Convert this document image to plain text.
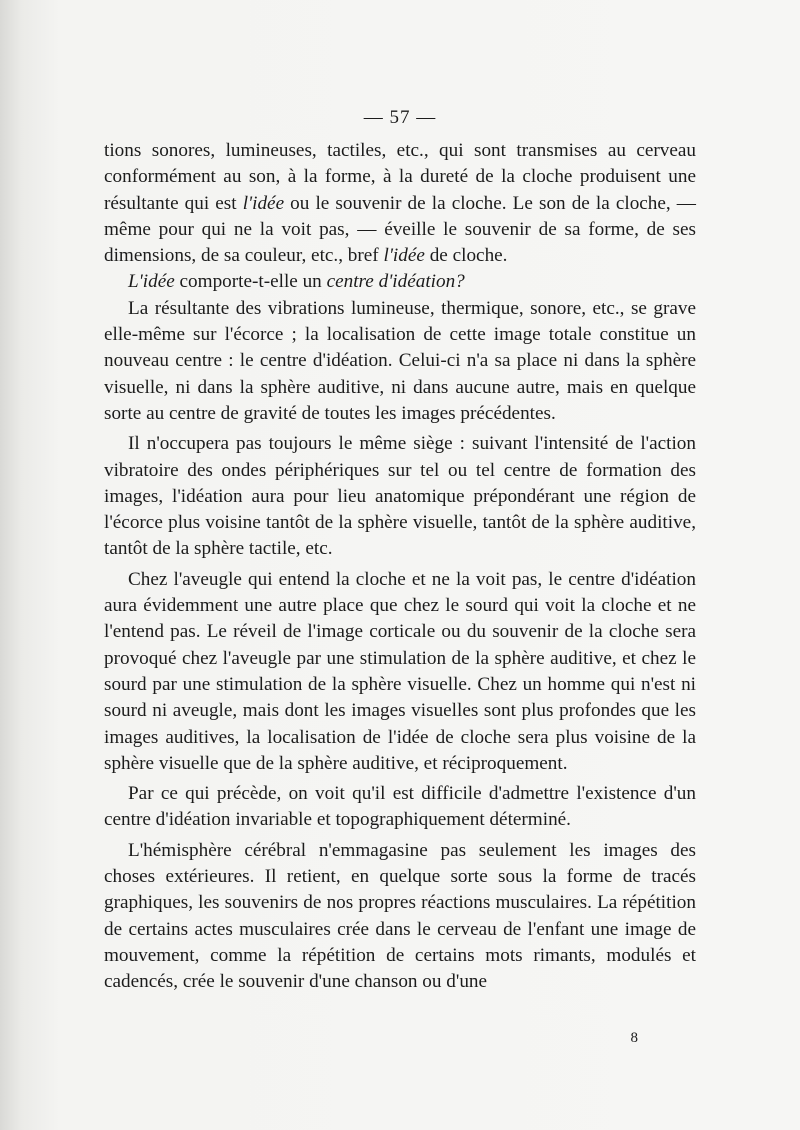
— 57 —

tions sonores, lumineuses, tactiles, etc., qui sont transmises au cerveau conformément au son, à la forme, à la dureté de la cloche produisent une résultante qui est l'idée ou le souvenir de la cloche. Le son de la cloche, — même pour qui ne la voit pas, — éveille le souvenir de sa forme, de ses dimensions, de sa couleur, etc., bref l'idée de cloche.

L'idée comporte-t-elle un centre d'idéation?

La résultante des vibrations lumineuse, thermique, sonore, etc., se grave elle-même sur l'écorce ; la localisation de cette image totale constitue un nouveau centre : le centre d'idéation. Celui-ci n'a sa place ni dans la sphère visuelle, ni dans la sphère auditive, ni dans aucune autre, mais en quelque sorte au centre de gravité de toutes les images précédentes.

Il n'occupera pas toujours le même siège : suivant l'intensité de l'action vibratoire des ondes périphériques sur tel ou tel centre de formation des images, l'idéation aura pour lieu anatomique prépondérant une région de l'écorce plus voisine tantôt de la sphère visuelle, tantôt de la sphère auditive, tantôt de la sphère tactile, etc.

Chez l'aveugle qui entend la cloche et ne la voit pas, le centre d'idéation aura évidemment une autre place que chez le sourd qui voit la cloche et ne l'entend pas. Le réveil de l'image corticale ou du souvenir de la cloche sera provoqué chez l'aveugle par une stimulation de la sphère auditive, et chez le sourd par une stimulation de la sphère visuelle. Chez un homme qui n'est ni sourd ni aveugle, mais dont les images visuelles sont plus profondes que les images auditives, la localisation de l'idée de cloche sera plus voisine de la sphère visuelle que de la sphère auditive, et réciproquement.

Par ce qui précède, on voit qu'il est difficile d'admettre l'existence d'un centre d'idéation invariable et topographiquement déterminé.

L'hémisphère cérébral n'emmagasine pas seulement les images des choses extérieures. Il retient, en quelque sorte sous la forme de tracés graphiques, les souvenirs de nos propres réactions musculaires. La répétition de certains actes musculaires crée dans le cerveau de l'enfant une image de mouvement, comme la répétition de certains mots rimants, modulés et cadencés, crée le souvenir d'une chanson ou d'une

8
